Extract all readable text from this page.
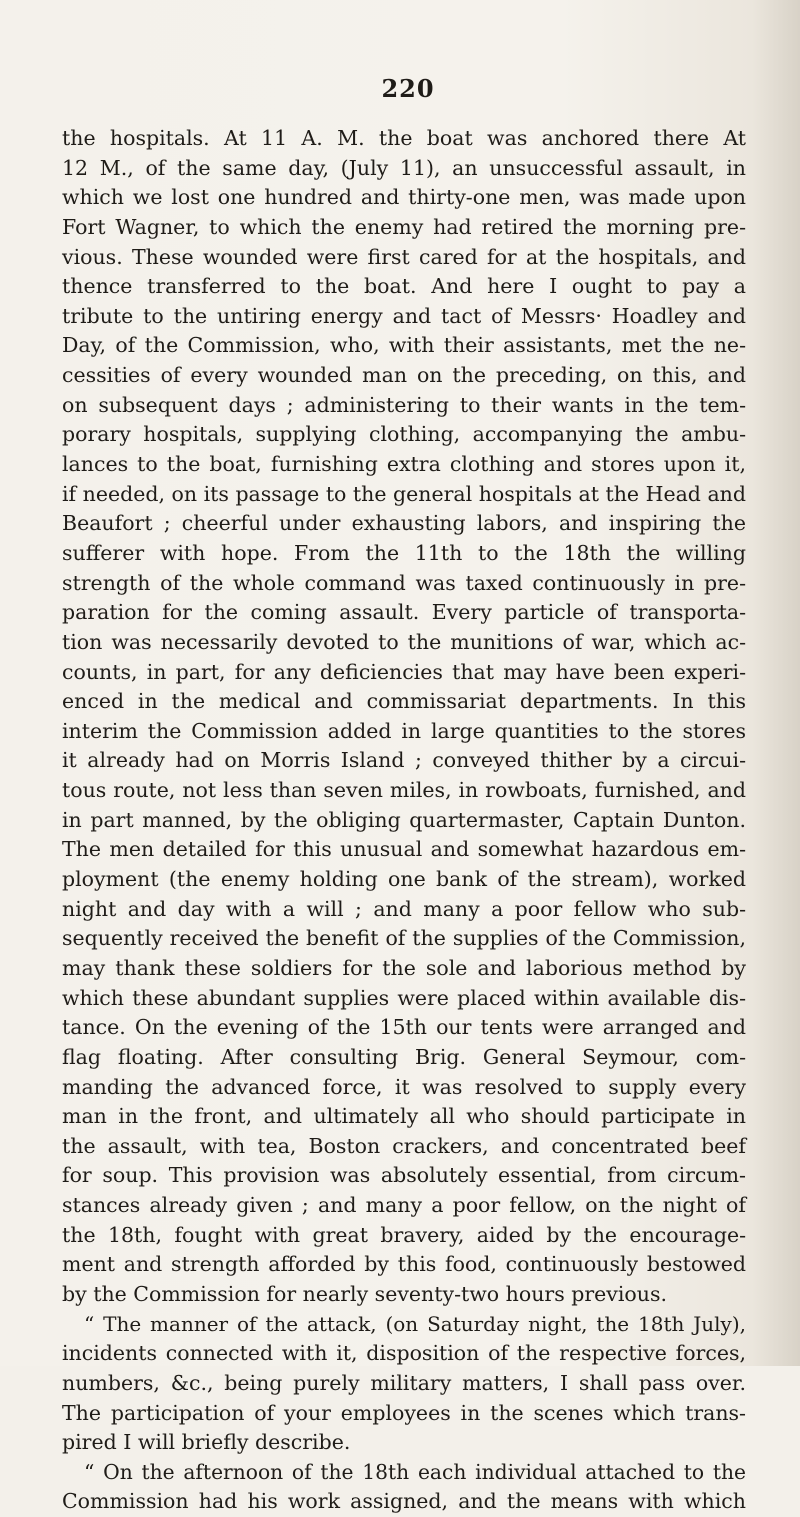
220
the hospitals. At 11 A. M. the boat was anchored there At
12 M., of the same day, (July 11), an unsuccessful assault, in
which we lost one hundred and thirty-one men, was made upon
Fort Wagner, to which the enemy had retired the morning pre-
vious. These wounded were first cared for at the hospitals, and
thence transferred to the boat. And here I ought to pay a
tribute to the untiring energy and tact of Messrs· Hoadley and
Day, of the Commission, who, with their assistants, met the ne-
cessities of every wounded man on the preceding, on this, and
on subsequent days ; administering to their wants in the tem-
porary hospitals, supplying clothing, accompanying the ambu-
lances to the boat, furnishing extra clothing and stores upon it,
if needed, on its passage to the general hospitals at the Head and
Beaufort ; cheerful under exhausting labors, and inspiring the
sufferer with hope. From the 11th to the 18th the willing
strength of the whole command was taxed continuously in pre-
paration for the coming assault. Every particle of transporta-
tion was necessarily devoted to the munitions of war, which ac-
counts, in part, for any deficiencies that may have been experi-
enced in the medical and commissariat departments. In this
interim the Commission added in large quantities to the stores
it already had on Morris Island ; conveyed thither by a circui-
tous route, not less than seven miles, in rowboats, furnished, and
in part manned, by the obliging quartermaster, Captain Dunton.
The men detailed for this unusual and somewhat hazardous em-
ployment (the enemy holding one bank of the stream), worked
night and day with a will ; and many a poor fellow who sub-
sequently received the benefit of the supplies of the Commission,
may thank these soldiers for the sole and laborious method by
which these abundant supplies were placed within available dis-
tance. On the evening of the 15th our tents were arranged and
flag floating. After consulting Brig. General Seymour, com-
manding the advanced force, it was resolved to supply every
man in the front, and ultimately all who should participate in
the assault, with tea, Boston crackers, and concentrated beef
for soup. This provision was absolutely essential, from circum-
stances already given ; and many a poor fellow, on the night of
the 18th, fought with great bravery, aided by the encourage-
ment and strength afforded by this food, continuously bestowed
by the Commission for nearly seventy-two hours previous.
“ The manner of the attack, (on Saturday night, the 18th July),
incidents connected with it, disposition of the respective forces,
numbers, &c., being purely military matters, I shall pass over.
The participation of your employees in the scenes which trans-
pired I will briefly describe.
“ On the afternoon of the 18th each individual attached to the
Commission had his work assigned, and the means with which
